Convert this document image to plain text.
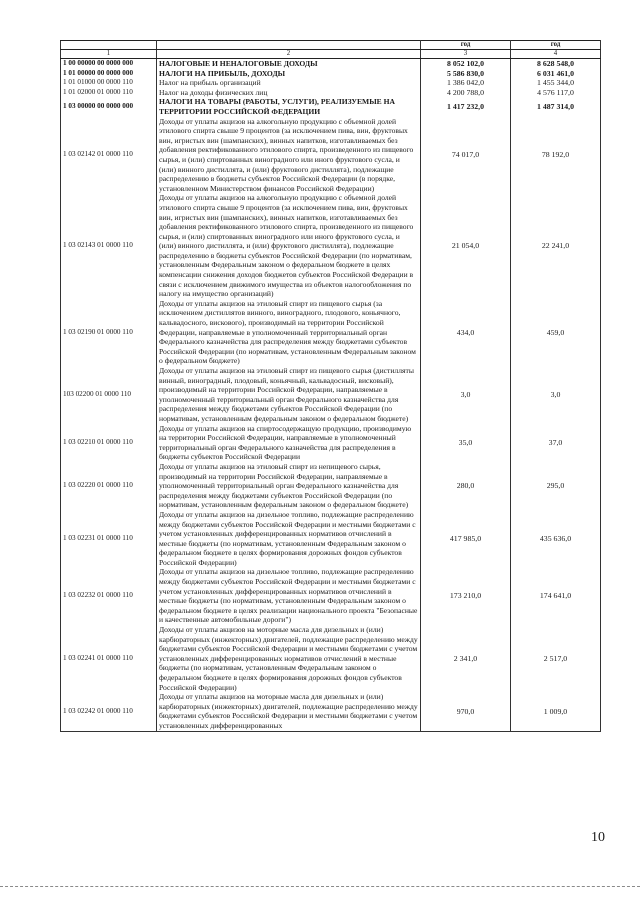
		год	год
1	2	3	4
1 00 00000 00 0000 000	НАЛОГОВЫЕ И НЕНАЛОГОВЫЕ ДОХОДЫ	8 052 102,0	8 628 548,0
1 01 00000 00 0000 000	НАЛОГИ НА ПРИБЫЛЬ, ДОХОДЫ	5 586 830,0	6 031 461,0
1 01 01000 00 0000 110	Налог на прибыль организаций	1 386 042,0	1 455 344,0
1 01 02000 01 0000 110	Налог на доходы физических лиц	4 200 788,0	4 576 117,0
1 03 00000 00 0000 000	НАЛОГИ НА ТОВАРЫ (РАБОТЫ, УСЛУГИ), РЕАЛИЗУЕМЫЕ НА ТЕРРИТОРИИ РОССИЙСКОЙ ФЕДЕРАЦИИ	1 417 232,0	1 487 314,0
1 03 02142 01 0000 110	Доходы от уплаты акцизов на алкогольную продукцию с объемной долей этилового спирта свыше 9 процентов (за исключением пива, вин, фруктовых вин, игристых вин (шампанских), винных напитков, изготавливаемых без добавления ректификованного этилового спирта, произведенного из пищевого сырья, и (или) спиртованных виноградного или иного фруктового сусла, и (или) винного дистиллята, и (или) фруктового дистиллята), подлежащие распределению в бюджеты субъектов Российской Федерации (в порядке, установленном Министерством финансов Российской Федерации)	74 017,0	78 192,0
1 03 02143 01 0000 110	Доходы от уплаты акцизов на алкогольную продукцию с объемной долей этилового спирта свыше 9 процентов (за исключением пива, вин, фруктовых вин, игристых вин (шампанских), винных напитков, изготавливаемых без добавления ректификованного этилового спирта, произведенного из пищевого сырья, и (или) спиртованных виноградного или иного фруктового сусла, и (или) винного дистиллята, и (или) фруктового дистиллята), подлежащие распределению в бюджеты субъектов Российской Федерации (по нормативам, установленным Федеральным законом о федеральном бюджете в целях компенсации снижения доходов бюджетов субъектов Российской Федерации в связи с исключением движимого имущества из объектов налогообложения по налогу на имущество организаций)	21 054,0	22 241,0
1 03 02190 01 0000 110	Доходы от уплаты акцизов на этиловый спирт из пищевого сырья (за исключением дистиллятов винного, виноградного, плодового, коньячного, кальвадосного, вискового), производимый на территории Российской Федерации, направляемые в уполномоченный территориальный орган Федерального казначейства для распределения между бюджетами субъектов Российской Федерации (по нормативам, установленным Федеральным законом о федеральном бюджете)	434,0	459,0
103 02200 01 0000 110	Доходы от уплаты акцизов на этиловый спирт из пищевого сырья (дистилляты винный, виноградный, плодовый, коньячный, кальвадосный, висковый), производимый на территории Российской Федерации, направляемые в уполномоченный территориальный орган Федерального казначейства для распределения между бюджетами субъектов Российской Федерации (по нормативам, установленным федеральным законом о федеральном бюджете)	3,0	3,0
1 03 02210 01 0000 110	Доходы от уплаты акцизов на спиртосодержащую продукцию, производимую на территории Российской Федерации, направляемые в уполномоченный территориальный орган Федерального казначейства для распределения в бюджеты субъектов Российской Федерации	35,0	37,0
1 03 02220 01 0000 110	Доходы от уплаты акцизов на этиловый спирт из непищевого сырья, производимый на территории Российской Федерации, направляемые в уполномоченный территориальный орган Федерального казначейства для распределения между бюджетами субъектов Российской Федерации (по нормативам, установленным федеральным законом о федеральном бюджете)	280,0	295,0
1 03 02231 01 0000 110	Доходы от уплаты акцизов на дизельное топливо, подлежащие распределению между бюджетами субъектов Российской Федерации и местными бюджетами с учетом установленных дифференцированных нормативов отчислений в местные бюджеты (по нормативам, установленным Федеральным законом о федеральном бюджете в целях формирования дорожных фондов субъектов Российской Федерации)	417 985,0	435 636,0
1 03 02232 01 0000 110	Доходы от уплаты акцизов на дизельное топливо, подлежащие распределению между бюджетами субъектов Российской Федерации и местными бюджетами с учетом установленных дифференцированных нормативов отчислений в местные бюджеты (по нормативам, установленным Федеральным законом о федеральном бюджете в целях реализации национального проекта "Безопасные и качественные автомобильные дороги")	173 210,0	174 641,0
1 03 02241 01 0000 110	Доходы от уплаты акцизов на моторные масла для дизельных и (или) карбюраторных (инжекторных) двигателей, подлежащие распределению между бюджетами субъектов Российской Федерации и местными бюджетами с учетом установленных дифференцированных нормативов отчислений в местные бюджеты (по нормативам, установленным Федеральным законом о федеральном бюджете в целях формирования дорожных фондов субъектов Российской Федерации)	2 341,0	2 517,0
1 03 02242 01 0000 110	Доходы от уплаты акцизов на моторные масла для дизельных и (или) карбюраторных (инжекторных) двигателей, подлежащие распределению между бюджетами субъектов Российской Федерации и местными бюджетами с учетом установленных дифференцированных	970,0	1 009,0
10
